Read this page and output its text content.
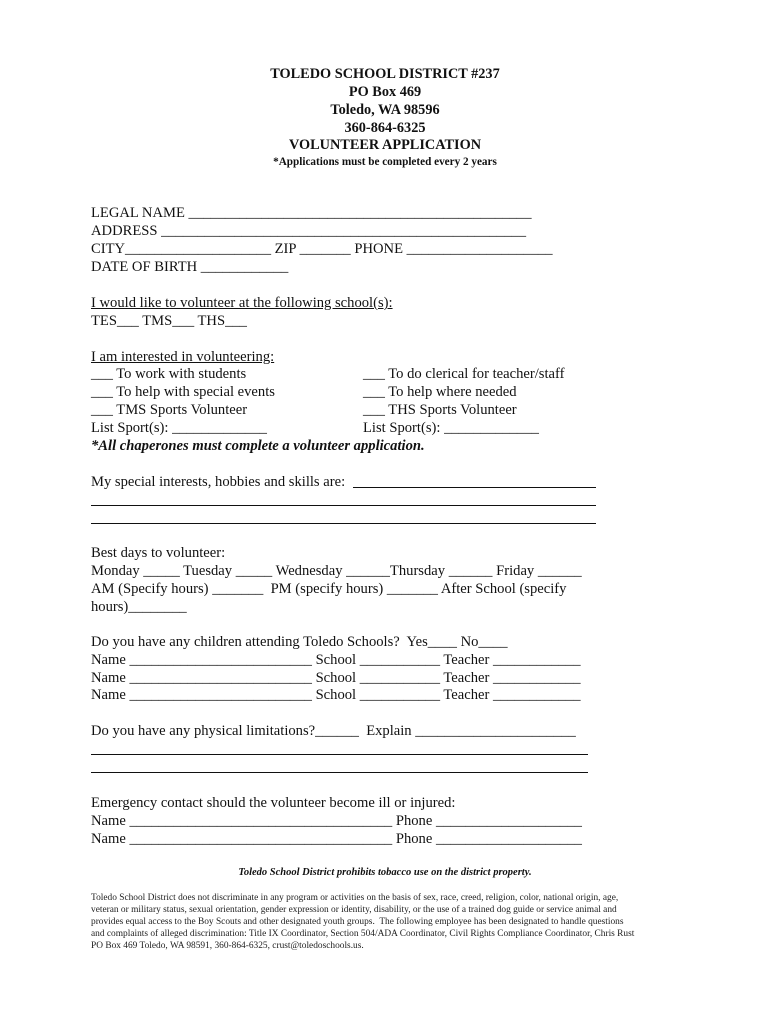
TOLEDO SCHOOL DISTRICT #237

PO Box 469

Toledo, WA 98596

360-864-6325

VOLUNTEER APPLICATION

*Applications must be completed every 2 years

LEGAL NAME _______________________________________________

ADDRESS __________________________________________________

CITY____________________ ZIP _______ PHONE ____________________

DATE OF BIRTH ____________

I would like to volunteer at the following school(s):

TES___ TMS___ THS___

I am interested in volunteering:

___ To work with students

___ To help with special events

___ TMS Sports Volunteer

List Sport(s): _____________

___ To do clerical for teacher/staff

___ To help where needed

___ THS Sports Volunteer

List Sport(s): _____________

*All chaperones must complete a volunteer application.

My special interests, hobbies and skills are:

Best days to volunteer:

Monday _____ Tuesday _____ Wednesday ______Thursday ______ Friday ______

AM (Specify hours) _______  PM (specify hours) _______ After School (specify

hours)________

Do you have any children attending Toledo Schools?  Yes____ No____

Name _________________________ School ___________ Teacher ____________

Name _________________________ School ___________ Teacher ____________

Name _________________________ School ___________ Teacher ____________

Do you have any physical limitations?______  Explain ______________________

Emergency contact should the volunteer become ill or injured:

Name ____________________________________ Phone ____________________

Name ____________________________________ Phone ____________________

Toledo School District prohibits tobacco use on the district property.

Toledo School District does not discriminate in any program or activities on the basis of sex, race, creed, religion, color, national origin, age,

veteran or military status, sexual orientation, gender expression or identity, disability, or the use of a trained dog guide or service animal and

provides equal access to the Boy Scouts and other designated youth groups.  The following employee has been designated to handle questions

and complaints of alleged discrimination: Title IX Coordinator, Section 504/ADA Coordinator, Civil Rights Compliance Coordinator, Chris Rust

PO Box 469 Toledo, WA 98591, 360-864-6325, crust@toledoschools.us.
